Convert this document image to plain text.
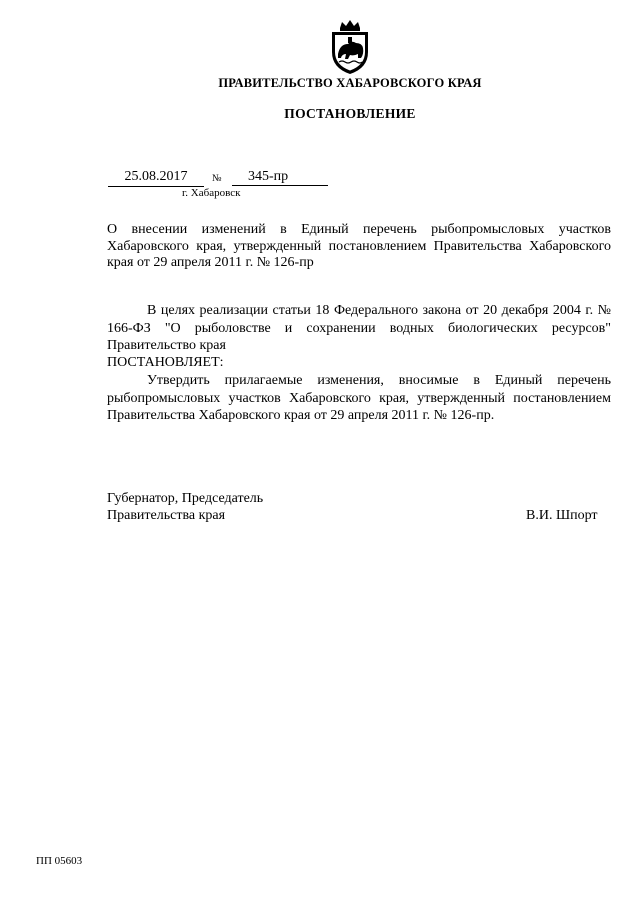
ПРАВИТЕЛЬСТВО ХАБАРОВСКОГО КРАЯ
ПОСТАНОВЛЕНИЕ
25.08.2017	№	345-пр
г. Хабаровск

О внесении изменений в Единый перечень рыбопромысловых участков Хабаровского края, утвержденный постановлением Правительства Хабаровского края от 29 апреля 2011 г. № 126-пр

В целях реализации статьи 18 Федерального закона от 20 декабря 2004 г. № 166-ФЗ "О рыболовстве и сохранении водных биологических ресурсов" Правительство края

ПОСТАНОВЛЯЕТ:

Утвердить прилагаемые изменения, вносимые в Единый перечень рыбопромысловых участков Хабаровского края, утвержденный постановлением Правительства Хабаровского края от 29 апреля 2011 г. № 126-пр.

Губернатор, Председатель
Правительства края	В.И. Шпорт
ПП 05603
